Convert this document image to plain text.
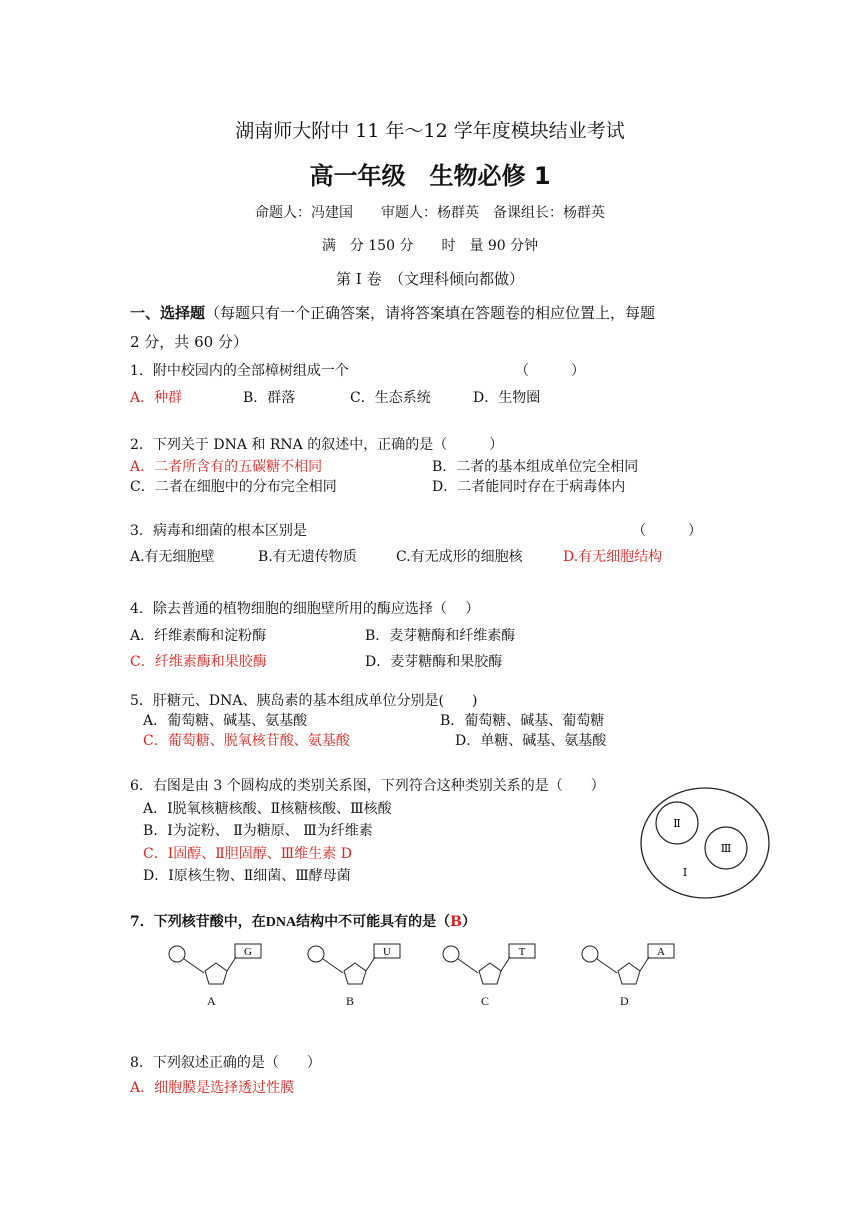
湖南师大附中 11 年～12 学年度模块结业考试
高一年级　生物必修 1
命题人：冯建国　　审题人：杨群英　备课组长：杨群英
满　分 150 分　　时　量 90 分钟
第 I 卷　（文理科倾向都做）
一、选择题（每题只有一个正确答案，请将答案填在答题卷的相应位置上，每题
2 分，共 60 分）
1．附中校园内的全部樟树组成一个	（　　　）
A．种群	B．群落	C．生态系统	D．生物圈
2．下列关于 DNA 和 RNA 的叙述中，正确的是（　　　）
A．二者所含有的五碳糖不相同	B．二者的基本组成单位完全相同
C．二者在细胞中的分布完全相同	D．二者能同时存在于病毒体内
3．病毒和细菌的根本区别是	（　　　）
A.有无细胞壁	B.有无遗传物质	C.有无成形的细胞核	D.有无细胞结构
4．除去普通的植物细胞的细胞壁所用的酶应选择（　 ）
A．纤维素酶和淀粉酶	B．麦芽糖酶和纤维素酶
C．纤维素酶和果胶酶	D．麦芽糖酶和果胶酶
5．肝糖元、DNA、胰岛素的基本组成单位分别是(　　)
A．葡萄糖、碱基、氨基酸	B．葡萄糖、碱基、葡萄糖
C．葡萄糖、脱氧核苷酸、氨基酸	D．单糖、碱基、氨基酸
6．右图是由 3 个圆构成的类别关系图，下列符合这种类别关系的是（　　）
A．Ⅰ脱氧核糖核酸、Ⅱ核糖核酸、Ⅲ核酸
B．Ⅰ为淀粉、 Ⅱ为糖原、 Ⅲ为纤维素
C．Ⅰ固醇、Ⅱ胆固醇、Ⅲ维生素 D
D．Ⅰ原核生物、Ⅱ细菌、Ⅲ酵母菌
Ⅱ
Ⅲ
I
7．下列核苷酸中，在DNA结构中不可能具有的是（B）
G
A
U
B
T
C
A
D
8．下列叙述正确的是（　　）
A．细胞膜是选择透过性膜
